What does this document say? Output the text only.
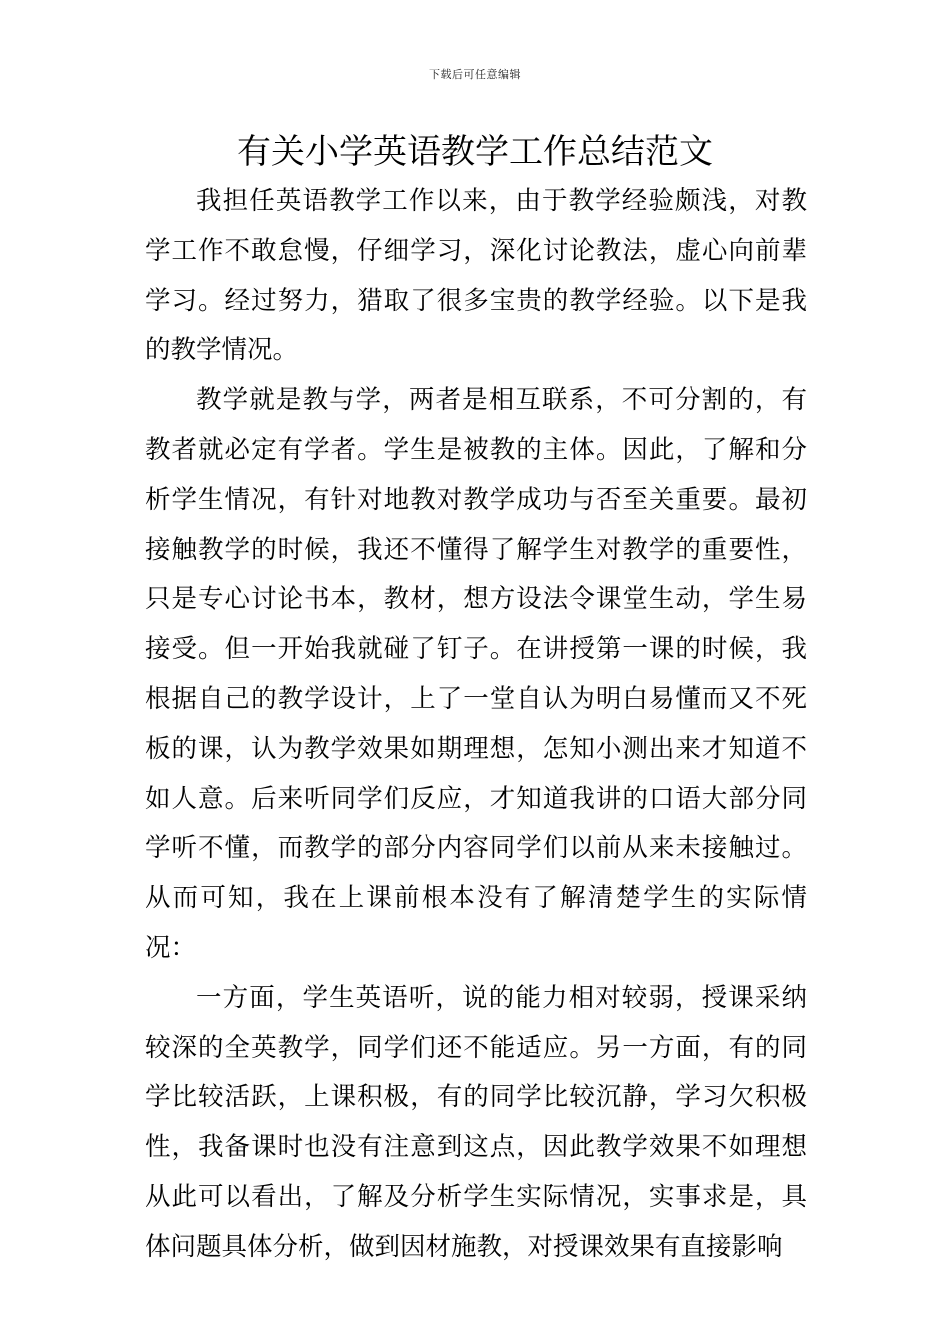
下载后可任意编辑
有关小学英语教学工作总结范文

我担任英语教学工作以来，由于教学经验颇浅，对教学工作不敢怠慢，仔细学习，深化讨论教法，虚心向前辈学习。经过努力，猎取了很多宝贵的教学经验。以下是我的教学情况。

教学就是教与学，两者是相互联系，不可分割的，有教者就必定有学者。学生是被教的主体。因此，了解和分析学生情况，有针对地教对教学成功与否至关重要。最初接触教学的时候，我还不懂得了解学生对教学的重要性，只是专心讨论书本，教材，想方设法令课堂生动，学生易接受。但一开始我就碰了钉子。在讲授第一课的时候，我根据自己的教学设计，上了一堂自认为明白易懂而又不死板的课，认为教学效果如期理想，怎知小测出来才知道不如人意。后来听同学们反应，才知道我讲的口语大部分同学听不懂，而教学的部分内容同学们以前从来未接触过。从而可知，我在上课前根本没有了解清楚学生的实际情况：

一方面，学生英语听，说的能力相对较弱，授课采纳较深的全英教学，同学们还不能适应。另一方面，有的同学比较活跃，上课积极，有的同学比较沉静，学习欠积极性，我备课时也没有注意到这点，因此教学效果不如理想从此可以看出，了解及分析学生实际情况，实事求是，具体问题具体分析，做到因材施教，对授课效果有直接影响
